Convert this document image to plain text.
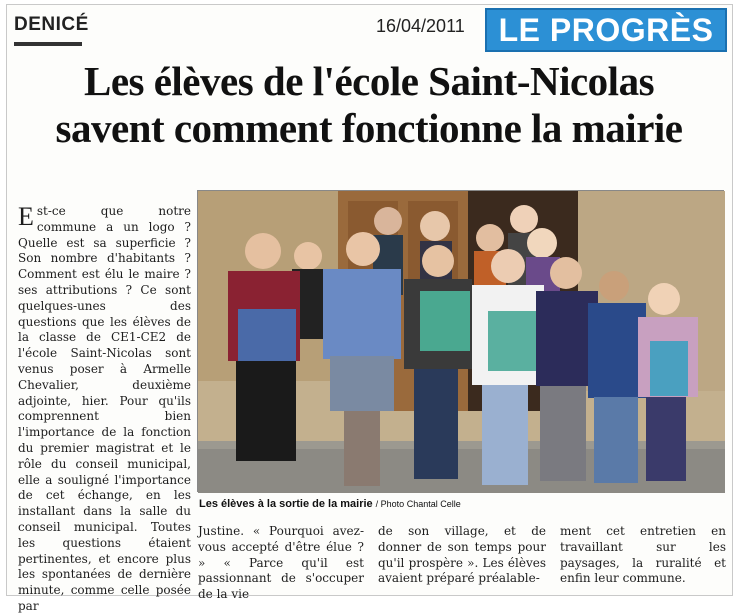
DENICÉ	16/04/2011 LE PROGRÈS
Les élèves de l'école Saint-Nicolas
savent comment fonctionne la mairie
E st-ce que notre commune a un logo ? Quelle est sa superficie ? Son nombre d'habitants ? Comment est élu le maire ? ses attributions ? Ce sont quelques-unes des questions que les élèves de la classe de CE1-CE2 de l'école Saint-Nicolas sont venus poser à Armelle Chevalier, deuxième adjointe, hier. Pour qu'ils comprennent bien l'importance de la fonction du premier magistrat et le rôle du conseil municipal, elle a souligné l'importance de cet échange, en les installant dans la salle du conseil municipal. Toutes les questions étaient pertinentes, et encore plus les spontanées de dernière minute, comme celle posée par
Les élèves à la sortie de la mairie / Photo Chantal Celle
Justine. « Pourquoi avez-vous accepté d'être élue ? » « Parce qu'il est passionnant de s'occuper de la vie
de son village, et de donner de son temps pour qu'il prospère ». Les élèves avaient préparé préalable-
ment cet entretien en travaillant sur les paysages, la ruralité et enfin leur commune.
